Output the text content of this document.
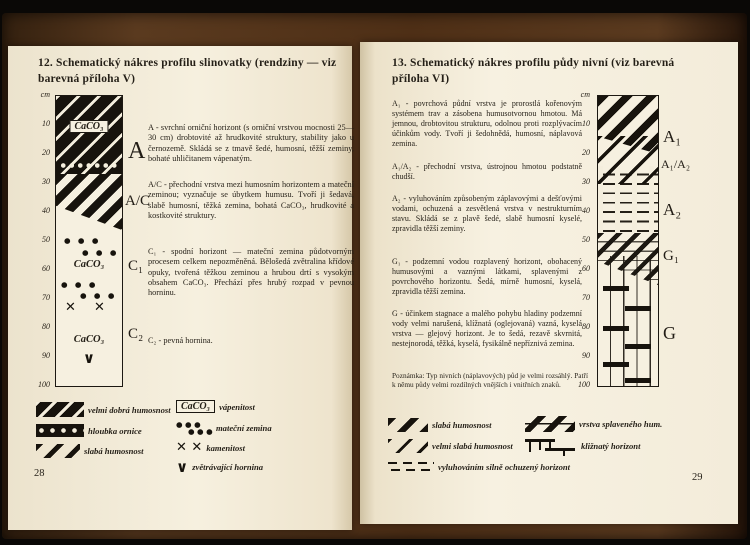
12. Schematický nákres profilu slinovatky (rendziny — viz barevná příloha V)
cm
10
20
30
40
50
60
70
80
90
100
CaCO₃
● ● ●
● ● ●
CaCO₃
● ● ●
● ● ●
✕ ✕
CaCO₃
∨
A
A/C
C₁
C₂
A - svrchní orniční horizont (s orniční vrstvou mocnosti 25—30 cm) drobtovité až hrudkovité struktury, stability jako u černozemě. Skládá se z tmavě šedé, humosní, těžší zeminy, bohaté uhličitanem vápenatým.
A/C - přechodní vrstva mezi humosním horizontem a mateční zeminou; vyznačuje se úbytkem humusu. Tvoří ji šedavá, slabě humosní, těžká zemina, bohatá CaCO₃, hrudkovité a kostkovité struktury.
C₁ - spodní horizont — mateční zemina půdotvorným procesem celkem nepozměněná. Bělošedá zvětralina křídové opuky, tvořená těžkou zeminou a hrubou drtí s vysokým obsahem CaCO₃. Přechází přes hrubý rozpad v pevnou horninu.
C₂ - pevná hornina.
velmi dobrá humosnost
hloubka ornice
slabá humosnost
CaCO₃	vápenitost
●●●
●●● mateční zemina
✕ ✕ kamenitost
∨ zvětrávající hornina
28
13. Schematický nákres profilu půdy nivní (viz barevná příloha VI)
A₁ - povrchová půdní vrstva je prorostlá kořenovým systémem trav a zásobena humusotvornou hmotou. Má jemnou, drobtovitou strukturu, odolnou proti rozplývacím účinkům vody. Tvoří ji šedohnědá, humosní, náplavová zemina.
A₁/A₂ - přechodní vrstva, ústrojnou hmotou podstatně chudší.
A₂ - vyluhováním způsobeným záplavovými a dešťovými vodami, ochuzená a zesvětlená vrstva v nestrukturním stavu. Skládá se z plavě šedé, slabě humosní kyselé, zpravidla těžší zeminy.
G₁ - podzemní vodou rozplavený horizont, obohacený humusovými a vaznými látkami, splavenými z povrchového horizontu. Šedá, mírně humosní, kyselá, zpravidla těžší zemina.
G - účinkem stagnace a malého pohybu hladiny podzemní vody velmi narušená, klížnatá (oglejovaná) vazná, kyselá vrstva — glejový horizont. Je to šedá, rezavě skvrnitá, nestejnorodá, těžká, kyselá, fysikálně nepříznivá zemina.
Poznámka: Typ nivních (náplavových) půd je velmi rozsáhlý. Patří k němu půdy velmi rozdílných vnějších i vnitřních znaků.
cm
10
20
30
40
50
60
70
80
90
100
A₁
A₁/A₂
A₂
G₁
G
slabá humosnost
velmi slabá humosnost
vyluhováním silně ochuzený horizont
vrstva splaveného hum.
kližnatý horizont
29
